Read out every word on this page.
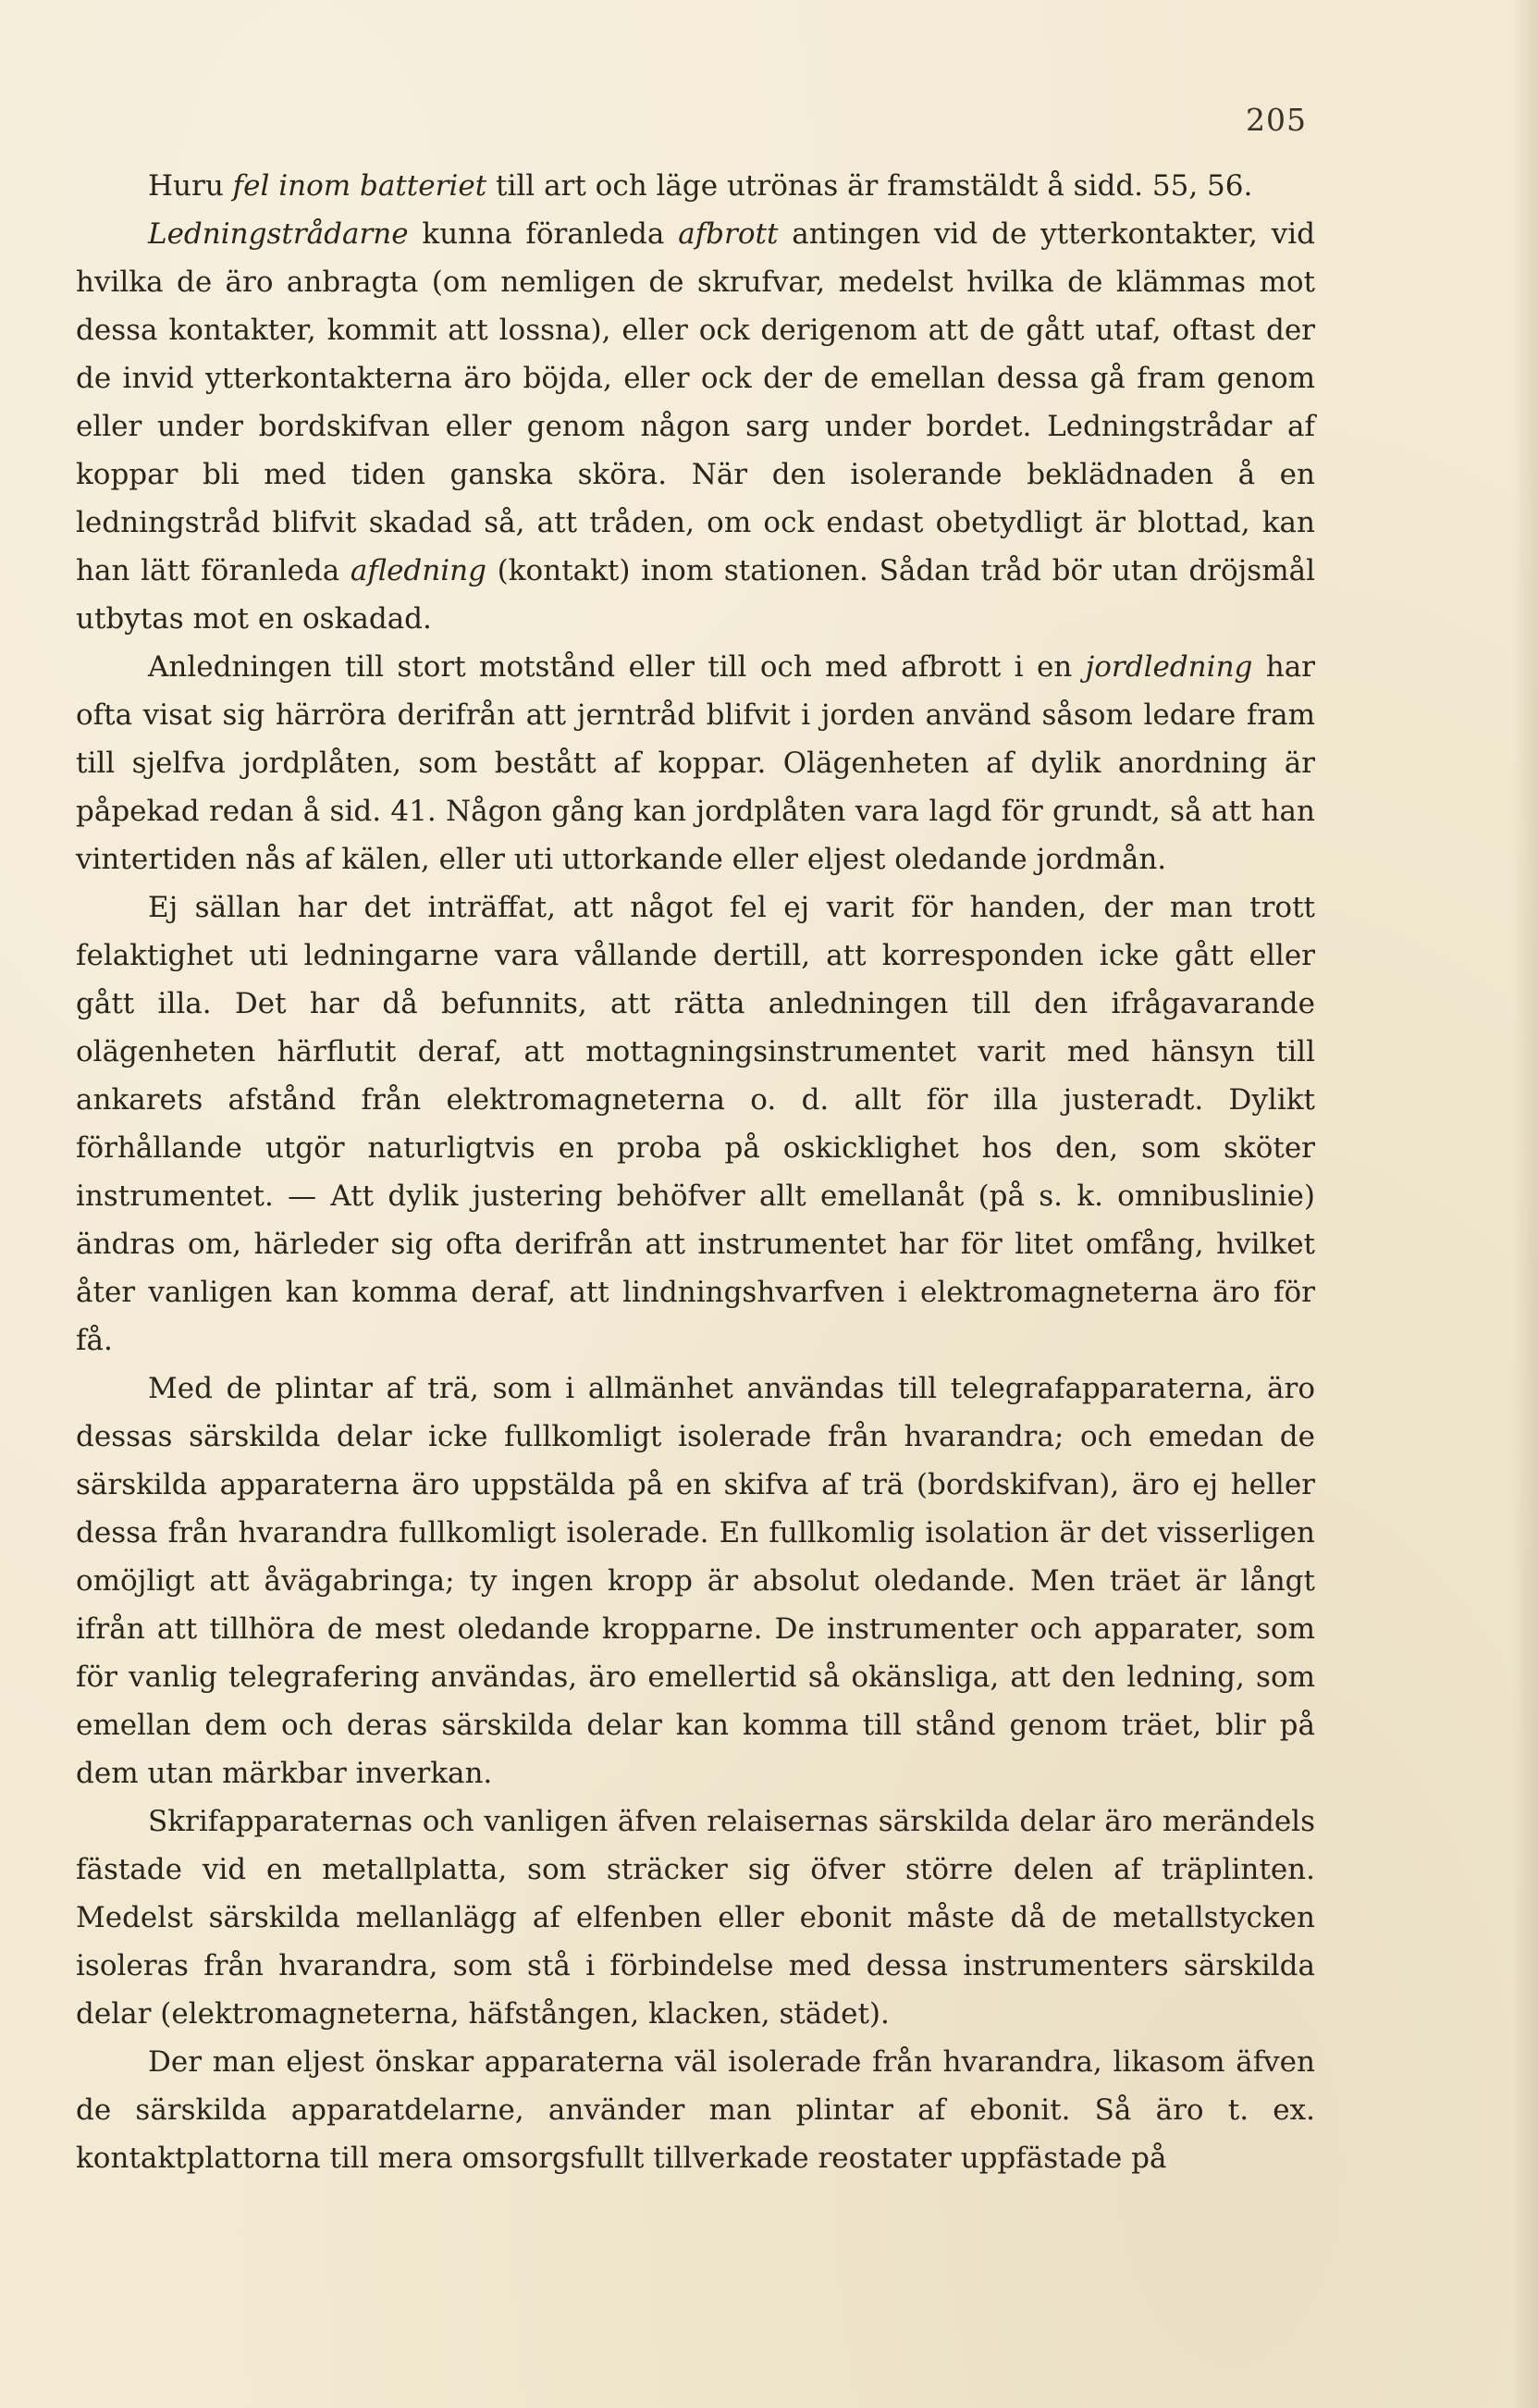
205

Huru fel inom batteriet till art och läge utrönas är framstäldt å sidd. 55, 56.

Ledningstrådarne kunna föranleda afbrott antingen vid de ytterkontakter, vid hvilka de äro anbragta (om nemligen de skrufvar, medelst hvilka de klämmas mot dessa kontakter, kommit att lossna), eller ock derigenom att de gått utaf, oftast der de invid ytterkontakterna äro böjda, eller ock der de emellan dessa gå fram genom eller under bordskifvan eller genom någon sarg under bordet. Ledningstrådar af koppar bli med tiden ganska sköra. När den isolerande beklädnaden å en ledningstråd blifvit skadad så, att tråden, om ock endast obetydligt är blottad, kan han lätt föranleda afledning (kontakt) inom stationen. Sådan tråd bör utan dröjsmål utbytas mot en oskadad.

Anledningen till stort motstånd eller till och med afbrott i en jordledning har ofta visat sig härröra derifrån att jerntråd blifvit i jorden använd såsom ledare fram till sjelfva jordplåten, som bestått af koppar. Olägenheten af dylik anordning är påpekad redan å sid. 41. Någon gång kan jordplåten vara lagd för grundt, så att han vintertiden nås af kälen, eller uti uttorkande eller eljest oledande jordmån.

Ej sällan har det inträffat, att något fel ej varit för handen, der man trott felaktighet uti ledningarne vara vållande dertill, att korresponden icke gått eller gått illa. Det har då befunnits, att rätta anledningen till den ifrågavarande olägenheten härflutit deraf, att mottagningsinstrumentet varit med hänsyn till ankarets afstånd från elektromagneterna o. d. allt för illa justeradt. Dylikt förhållande utgör naturligtvis en proba på oskicklighet hos den, som sköter instrumentet. — Att dylik justering behöfver allt emellanåt (på s. k. omnibuslinie) ändras om, härleder sig ofta derifrån att instrumentet har för litet omfång, hvilket åter vanligen kan komma deraf, att lindningshvarfven i elektromagneterna äro för få.

Med de plintar af trä, som i allmänhet användas till telegrafapparaterna, äro dessas särskilda delar icke fullkomligt isolerade från hvarandra; och emedan de särskilda apparaterna äro uppstälda på en skifva af trä (bordskifvan), äro ej heller dessa från hvarandra fullkomligt isolerade. En fullkomlig isolation är det visserligen omöjligt att åvägabringa; ty ingen kropp är absolut oledande. Men träet är långt ifrån att tillhöra de mest oledande kropparne. De instrumenter och apparater, som för vanlig telegrafering användas, äro emellertid så okänsliga, att den ledning, som emellan dem och deras särskilda delar kan komma till stånd genom träet, blir på dem utan märkbar inverkan.

Skrifapparaternas och vanligen äfven relaisernas särskilda delar äro merändels fästade vid en metallplatta, som sträcker sig öfver större delen af träplinten. Medelst särskilda mellanlägg af elfenben eller ebonit måste då de metallstycken isoleras från hvarandra, som stå i förbindelse med dessa instrumenters särskilda delar (elektromagneterna, häfstången, klacken, städet).

Der man eljest önskar apparaterna väl isolerade från hvarandra, likasom äfven de särskilda apparatdelarne, använder man plintar af ebonit. Så äro t. ex. kontaktplattorna till mera omsorgsfullt tillverkade reostater uppfästade på
